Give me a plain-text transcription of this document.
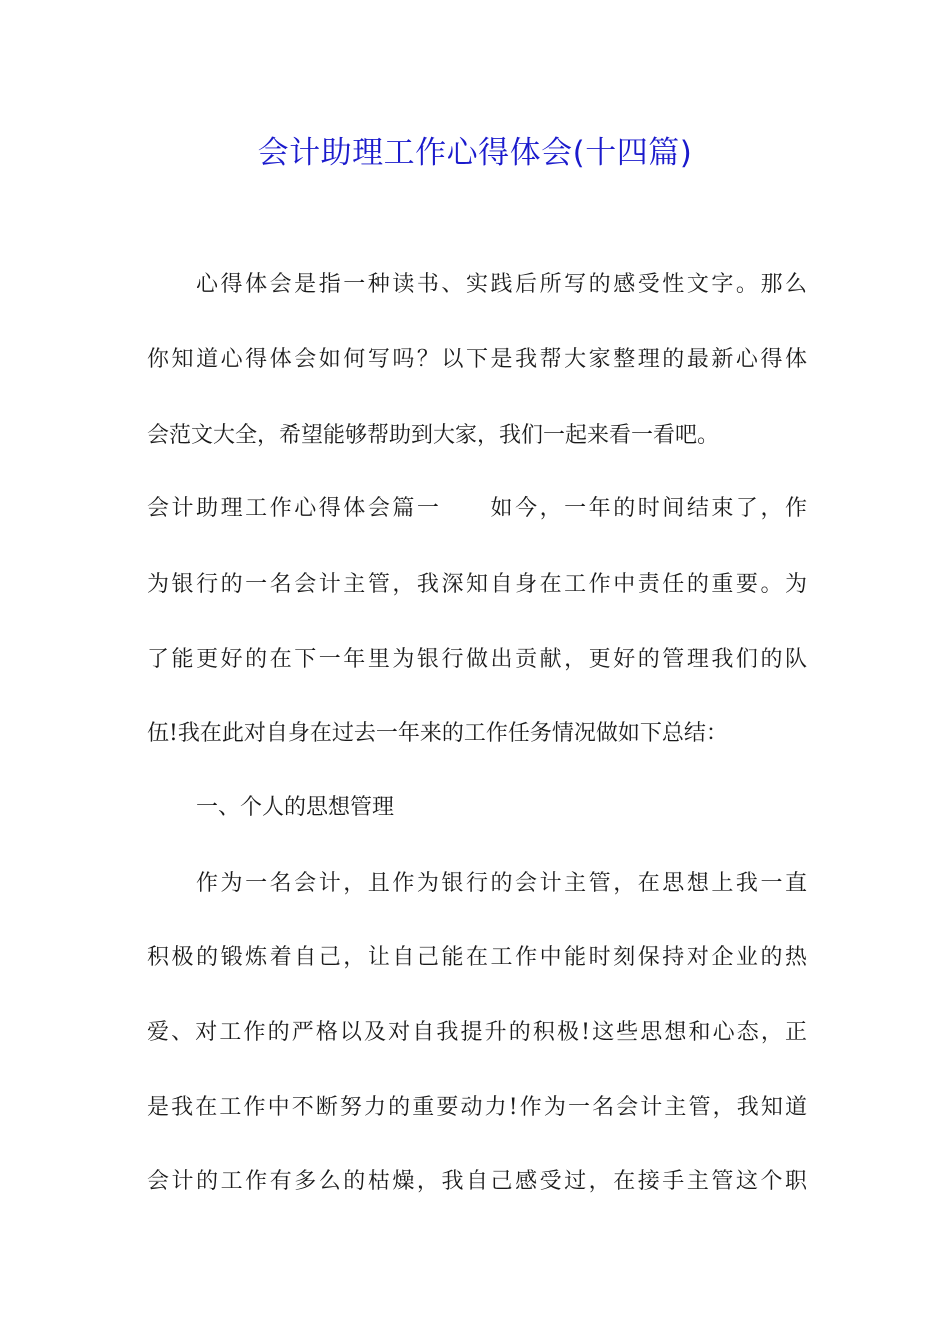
会计助理工作心得体会(十四篇)
心得体会是指一种读书、实践后所写的感受性文字。那么
你知道心得体会如何写吗？以下是我帮大家整理的最新心得体
会范文大全，希望能够帮助到大家，我们一起来看一看吧。
会计助理工作心得体会篇一　　如今，一年的时间结束了，作
为银行的一名会计主管，我深知自身在工作中责任的重要。为
了能更好的在下一年里为银行做出贡献，更好的管理我们的队
伍!我在此对自身在过去一年来的工作任务情况做如下总结：
一、个人的思想管理
作为一名会计，且作为银行的会计主管，在思想上我一直
积极的锻炼着自己，让自己能在工作中能时刻保持对企业的热
爱、对工作的严格以及对自我提升的积极!这些思想和心态，正
是我在工作中不断努力的重要动力!作为一名会计主管，我知道
会计的工作有多么的枯燥，我自己感受过，在接手主管这个职
